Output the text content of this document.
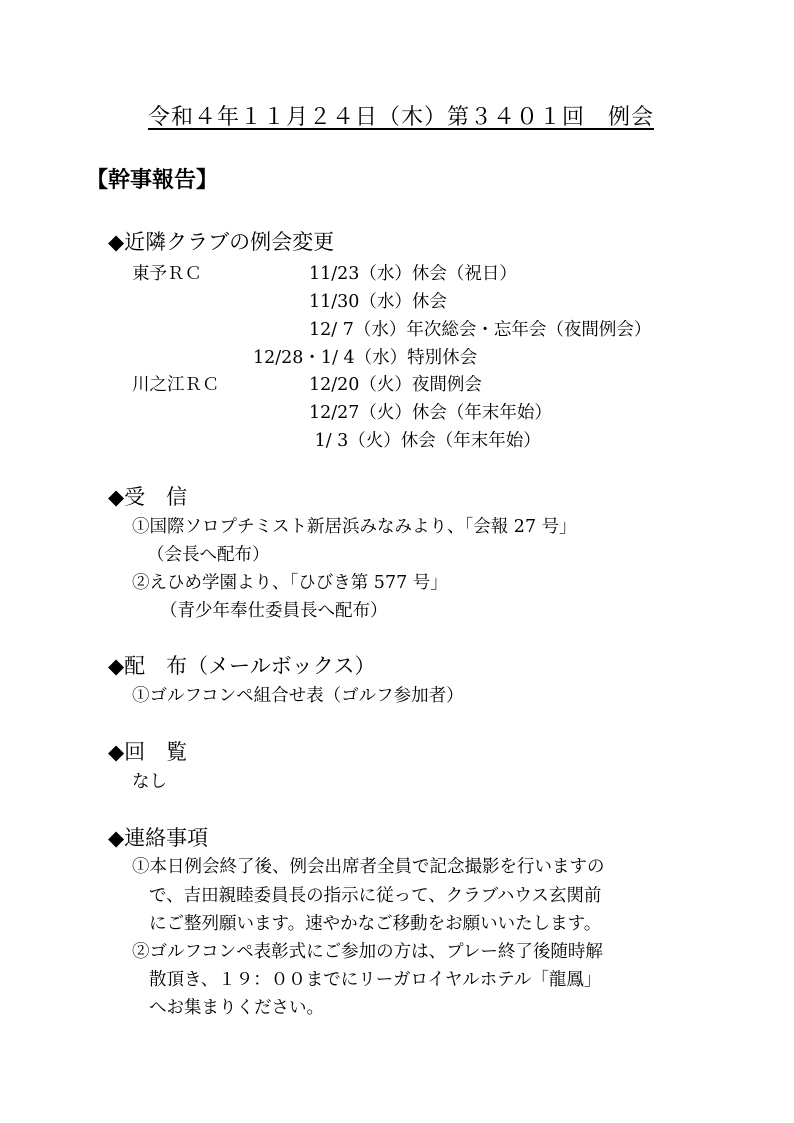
令和４年１１月２４日（木）第３４０１回　例会
【幹事報告】
◆近隣クラブの例会変更
東予ＲＣ	11/23（水）休会（祝日）
11/30（水）休会
12/ 7（水）年次総会・忘年会（夜間例会）
12/28・1/ 4（水）特別休会
川之江ＲＣ	12/20（火）夜間例会
12/27（火）休会（年末年始）
1/ 3（火）休会（年末年始）
◆受　信
①国際ソロプチミスト新居浜みなみより、「会報 27 号」
（会長へ配布）
②えひめ学園より、「ひびき第 577 号」
（青少年奉仕委員長へ配布）
◆配　布（メールボックス）
①ゴルフコンペ組合せ表（ゴルフ参加者）
◆回　覧
なし
◆連絡事項
①本日例会終了後、例会出席者全員で記念撮影を行いますの
で、吉田親睦委員長の指示に従って、クラブハウス玄関前
にご整列願います。速やかなご移動をお願いいたします。
②ゴルフコンペ表彰式にご参加の方は、プレー終了後随時解
散頂き、１９：００までにリーガロイヤルホテル「龍鳳」
へお集まりください。
